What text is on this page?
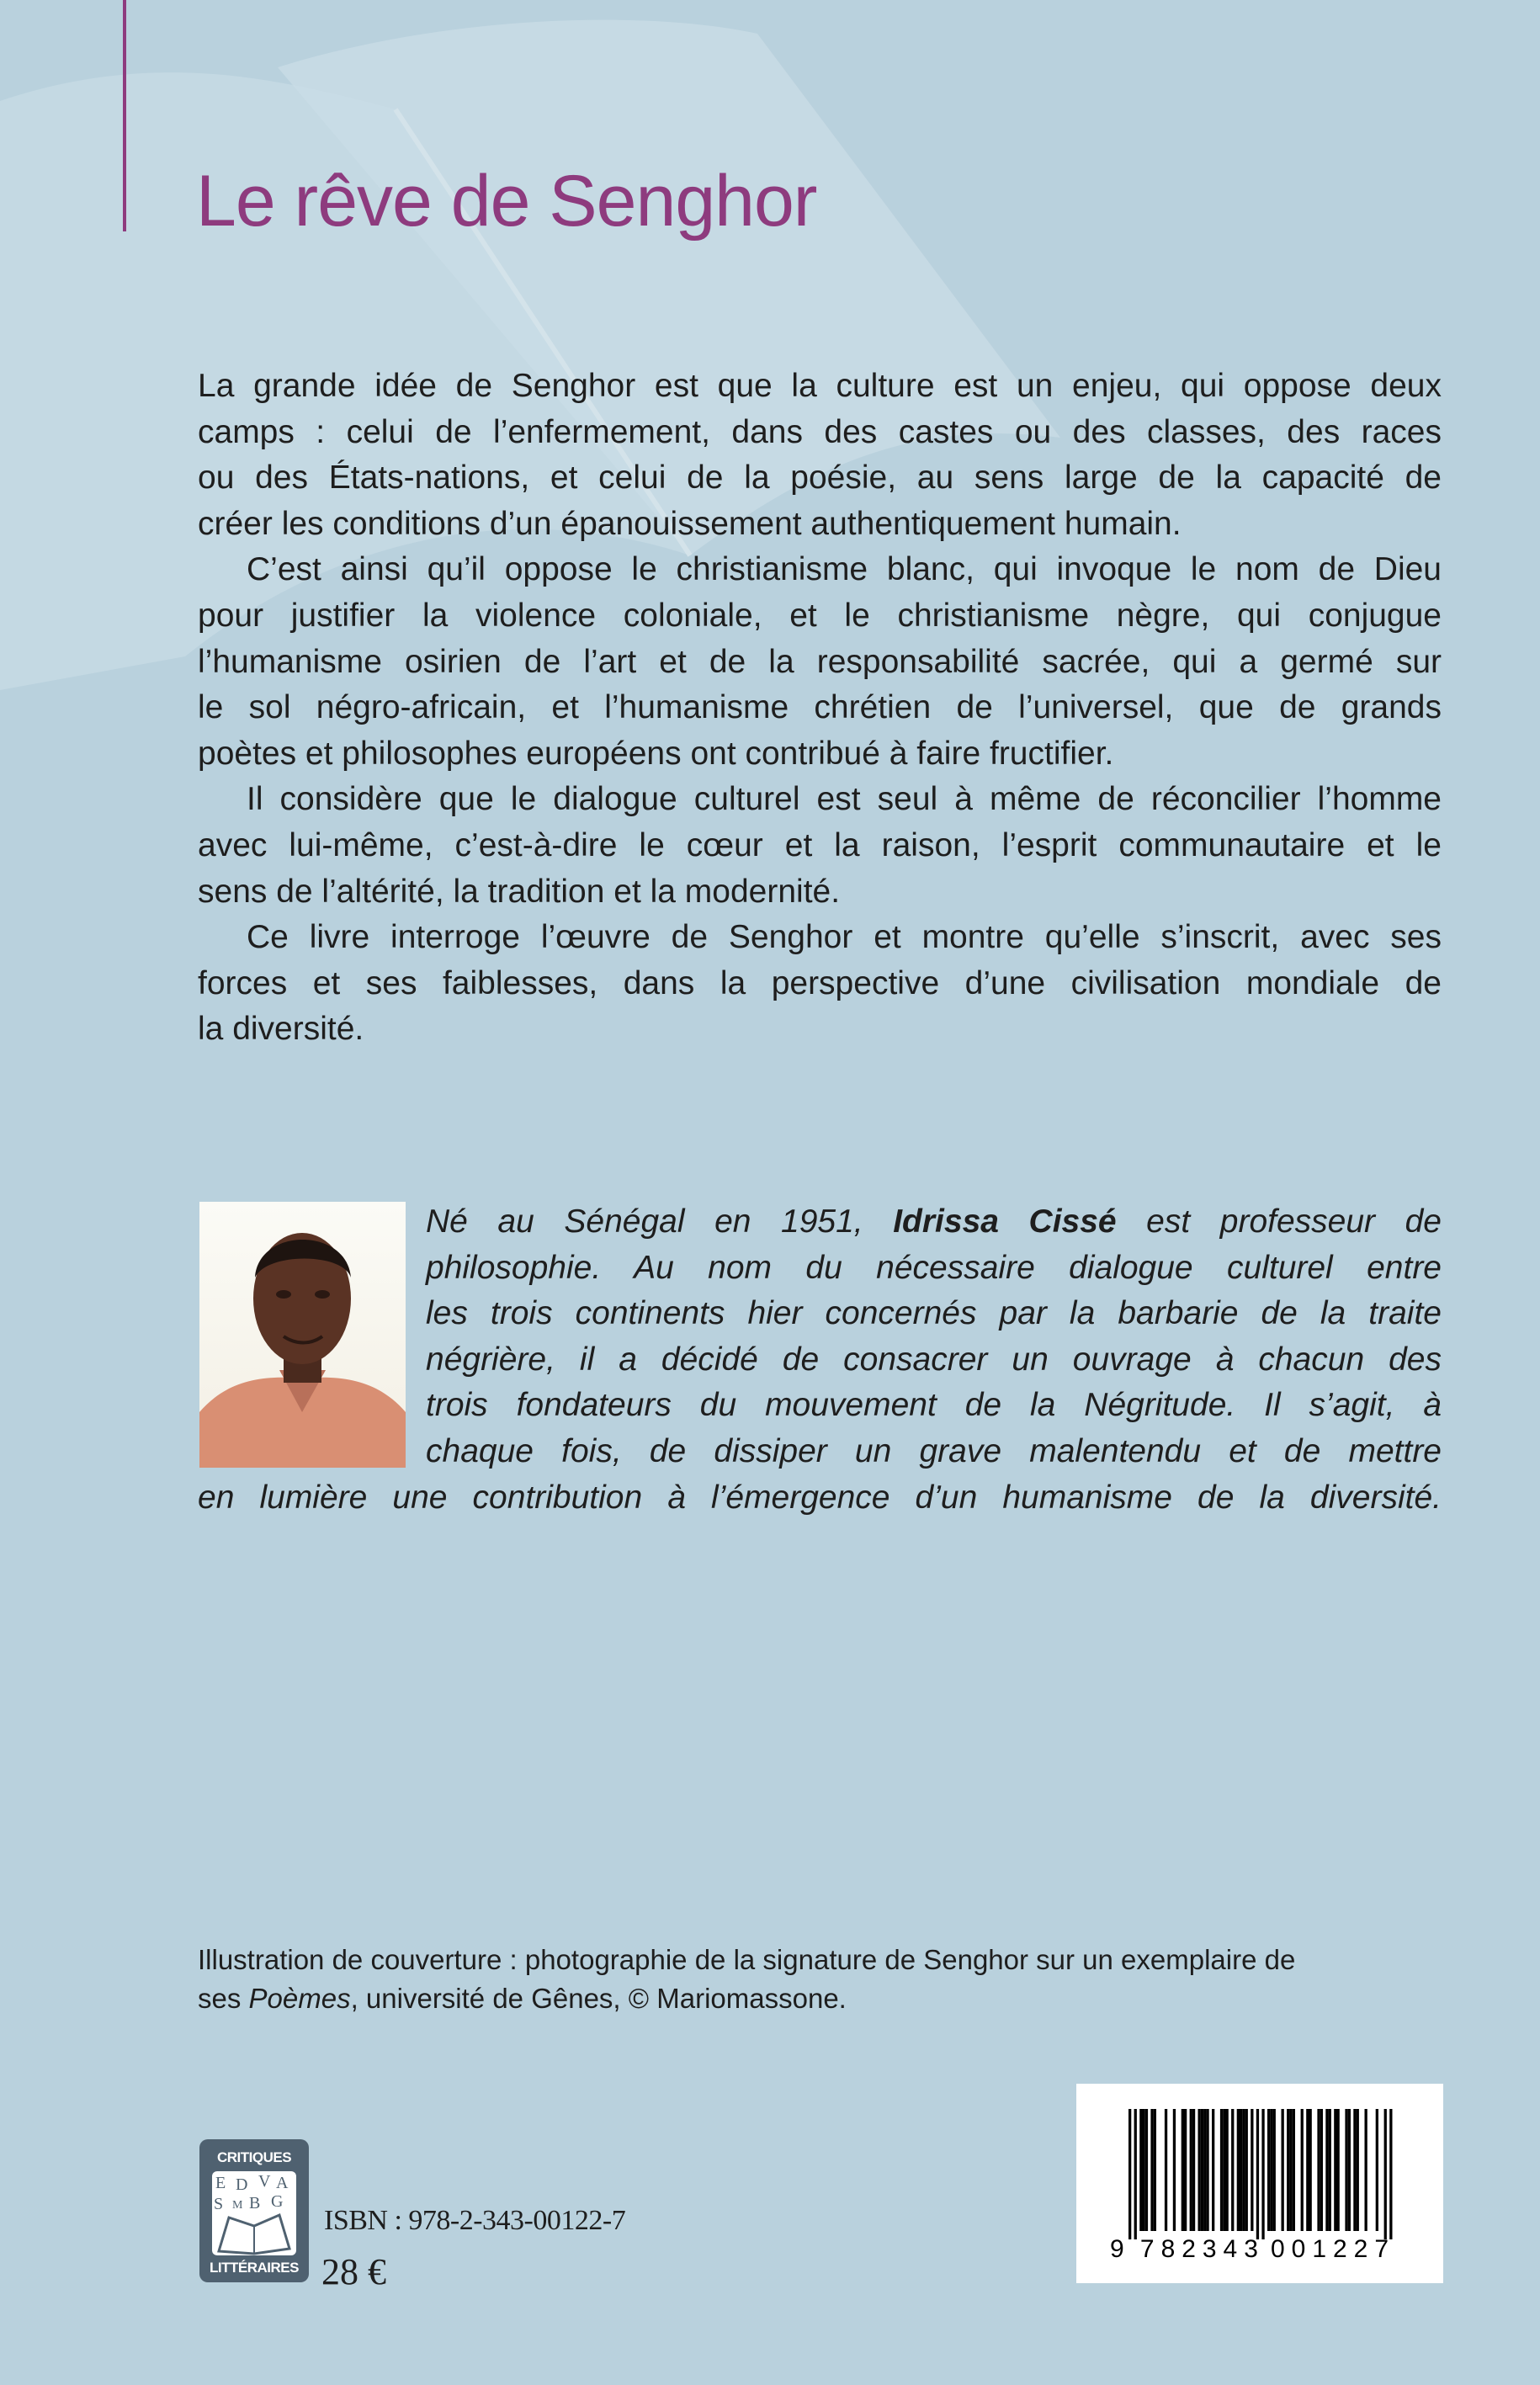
Le rêve de Senghor
La grande idée de Senghor est que la culture est un enjeu, qui oppose deux
camps : celui de l’enfermement, dans des castes ou des classes, des races
ou des États-nations, et celui de la poésie, au sens large de la capacité de
créer les conditions d’un épanouissement authentiquement humain.
C’est ainsi qu’il oppose le christianisme blanc, qui invoque le nom de Dieu
pour justifier la violence coloniale, et le christianisme nègre, qui conjugue
l’humanisme osirien de l’art et de la responsabilité sacrée, qui a germé sur
le sol négro-africain, et l’humanisme chrétien de l’universel, que de grands
poètes et philosophes européens ont contribué à faire fructifier.
Il considère que le dialogue culturel est seul à même de réconcilier l’homme
avec lui-même, c’est-à-dire le cœur et la raison, l’esprit communautaire et le
sens de l’altérité, la tradition et la modernité.
Ce livre interroge l’œuvre de Senghor et montre qu’elle s’inscrit, avec ses
forces et ses faiblesses, dans la perspective d’une civilisation mondiale de
la diversité.
Né au Sénégal en 1951, Idrissa Cissé est professeur de
philosophie. Au nom du nécessaire dialogue culturel entre
les trois continents hier concernés par la barbarie de la traite
négrière, il a décidé de consacrer un ouvrage à chacun des
trois fondateurs du mouvement de la Négritude. Il s’agit, à
chaque fois, de dissiper un grave malentendu et de mettre
en lumière une contribution à l’émergence d’un humanisme de la diversité.
Illustration de couverture : photographie de la signature de Senghor sur un exemplaire de
ses Poèmes, université de Gênes, © Mariomassone.
CRITIQUES
E D V A
S M B G
LITTÉRAIRES
ISBN : 978-2-343-00122-7
28 €
9 782343 001227
